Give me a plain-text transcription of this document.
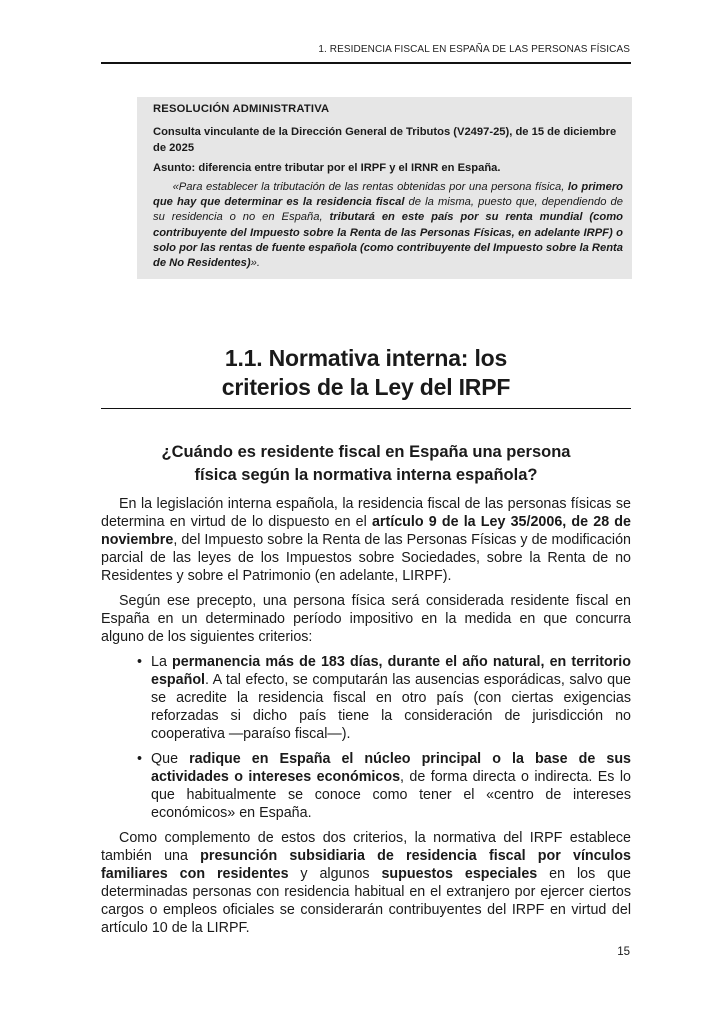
1. RESIDENCIA FISCAL EN ESPAÑA DE LAS PERSONAS FÍSICAS

RESOLUCIÓN ADMINISTRATIVA

Consulta vinculante de la Dirección General de Tributos (V2497-25), de 15 de diciembre de 2025

Asunto: diferencia entre tributar por el IRPF y el IRNR en España.

«Para establecer la tributación de las rentas obtenidas por una persona física, lo primero que hay que determinar es la residencia fiscal de la misma, puesto que, dependiendo de su residencia o no en España, tributará en este país por su renta mundial (como contribuyente del Impuesto sobre la Renta de las Personas Físicas, en adelante IRPF) o solo por las rentas de fuente española (como contribuyente del Impuesto sobre la Renta de No Residentes)».

1.1. Normativa interna: los
criterios de la Ley del IRPF
¿Cuándo es residente fiscal en España una persona
física según la normativa interna española?

En la legislación interna española, la residencia fiscal de las personas físicas se determina en virtud de lo dispuesto en el artículo 9 de la Ley 35/2006, de 28 de noviembre, del Impuesto sobre la Renta de las Personas Físicas y de modificación parcial de las leyes de los Impuestos sobre Sociedades, sobre la Renta de no Residentes y sobre el Patrimonio (en adelante, LIRPF).

Según ese precepto, una persona física será considerada residente fiscal en España en un determinado período impositivo en la medida en que concurra alguno de los siguientes criterios:

• La permanencia más de 183 días, durante el año natural, en territorio español. A tal efecto, se computarán las ausencias esporádicas, salvo que se acredite la residencia fiscal en otro país (con ciertas exigencias reforzadas si dicho país tiene la consideración de jurisdicción no cooperativa —paraíso fiscal—).
• Que radique en España el núcleo principal o la base de sus actividades o intereses económicos, de forma directa o indirecta. Es lo que habitualmente se conoce como tener el «centro de intereses económicos» en España.

Como complemento de estos dos criterios, la normativa del IRPF establece también una presunción subsidiaria de residencia fiscal por vínculos familiares con residentes y algunos supuestos especiales en los que determinadas personas con residencia habitual en el extranjero por ejercer ciertos cargos o empleos oficiales se considerarán contribuyentes del IRPF en virtud del artículo 10 de la LIRPF.

15
